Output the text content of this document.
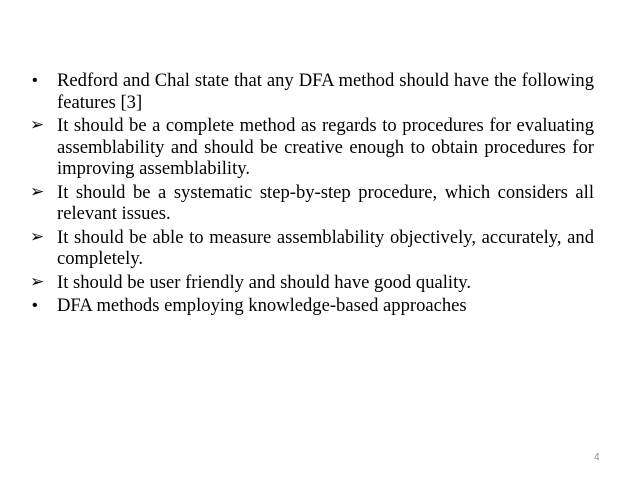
•	Redford and Chal state that any DFA method should have the following features [3]
➢ It should be a complete method as regards to procedures for evaluating assemblability and should be creative enough to obtain procedures for improving assemblability.
➢ It should be a systematic step-by-step procedure, which considers all relevant issues.
➢ It should be able to measure assemblability objectively, accurately, and completely.
➢ It should be user friendly and should have good quality.
•	DFA methods employing knowledge-based approaches
4
